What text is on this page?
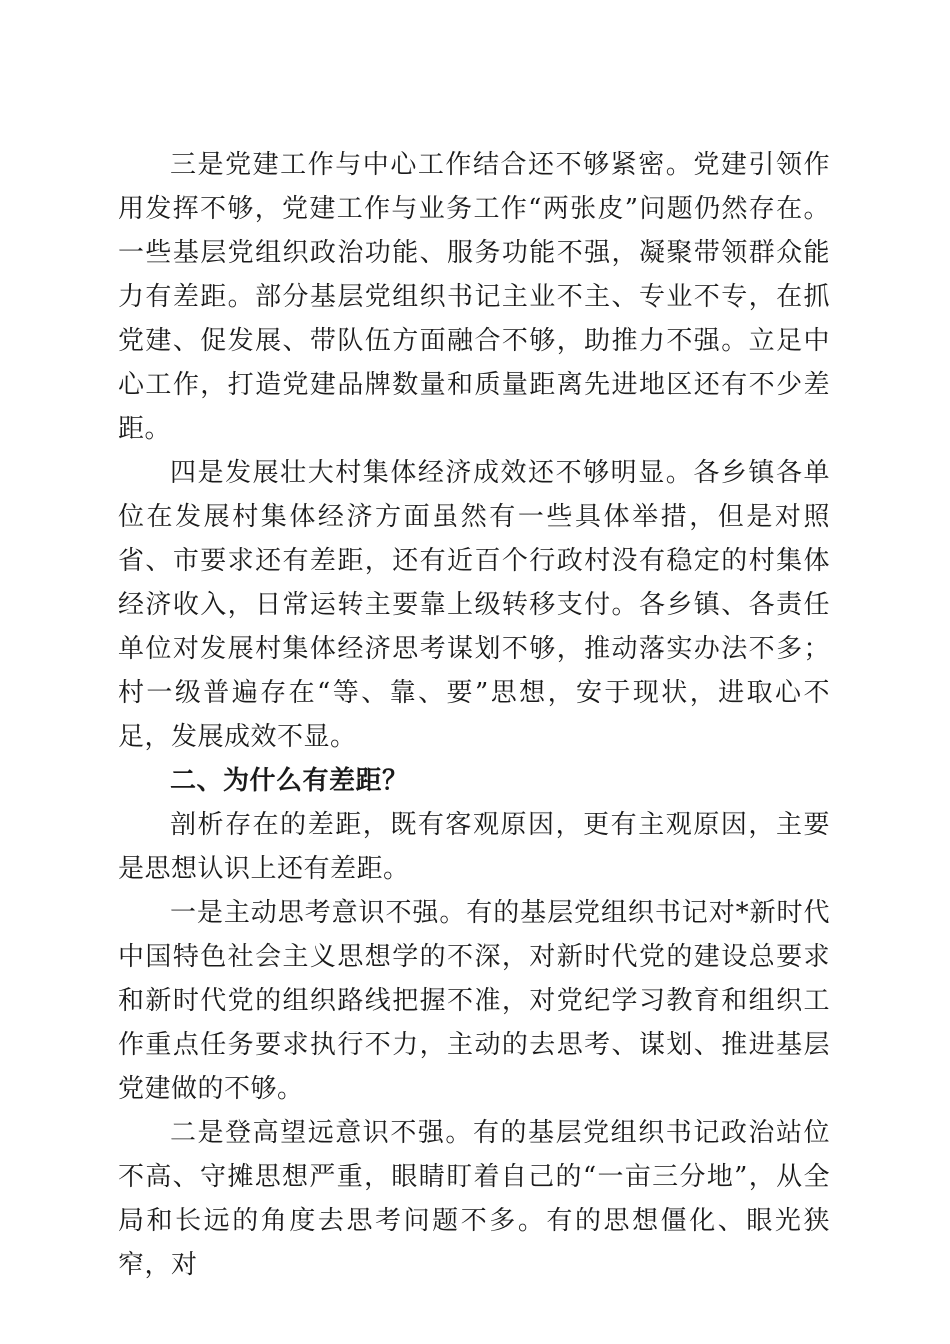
三是党建工作与中心工作结合还不够紧密。党建引领作用发挥不够，党建工作与业务工作“两张皮”问题仍然存在。一些基层党组织政治功能、服务功能不强，凝聚带领群众能力有差距。部分基层党组织书记主业不主、专业不专，在抓党建、促发展、带队伍方面融合不够，助推力不强。立足中心工作，打造党建品牌数量和质量距离先进地区还有不少差距。

四是发展壮大村集体经济成效还不够明显。各乡镇各单位在发展村集体经济方面虽然有一些具体举措，但是对照省、市要求还有差距，还有近百个行政村没有稳定的村集体经济收入，日常运转主要靠上级转移支付。各乡镇、各责任单位对发展村集体经济思考谋划不够，推动落实办法不多；村一级普遍存在“等、靠、要”思想，安于现状，进取心不足，发展成效不显。

二、为什么有差距？

剖析存在的差距，既有客观原因，更有主观原因，主要是思想认识上还有差距。

一是主动思考意识不强。有的基层党组织书记对*新时代中国特色社会主义思想学的不深，对新时代党的建设总要求和新时代党的组织路线把握不准，对党纪学习教育和组织工作重点任务要求执行不力，主动的去思考、谋划、推进基层党建做的不够。

二是登高望远意识不强。有的基层党组织书记政治站位不高、守摊思想严重，眼睛盯着自己的“一亩三分地”，从全局和长远的角度去思考问题不多。有的思想僵化、眼光狭窄，对
